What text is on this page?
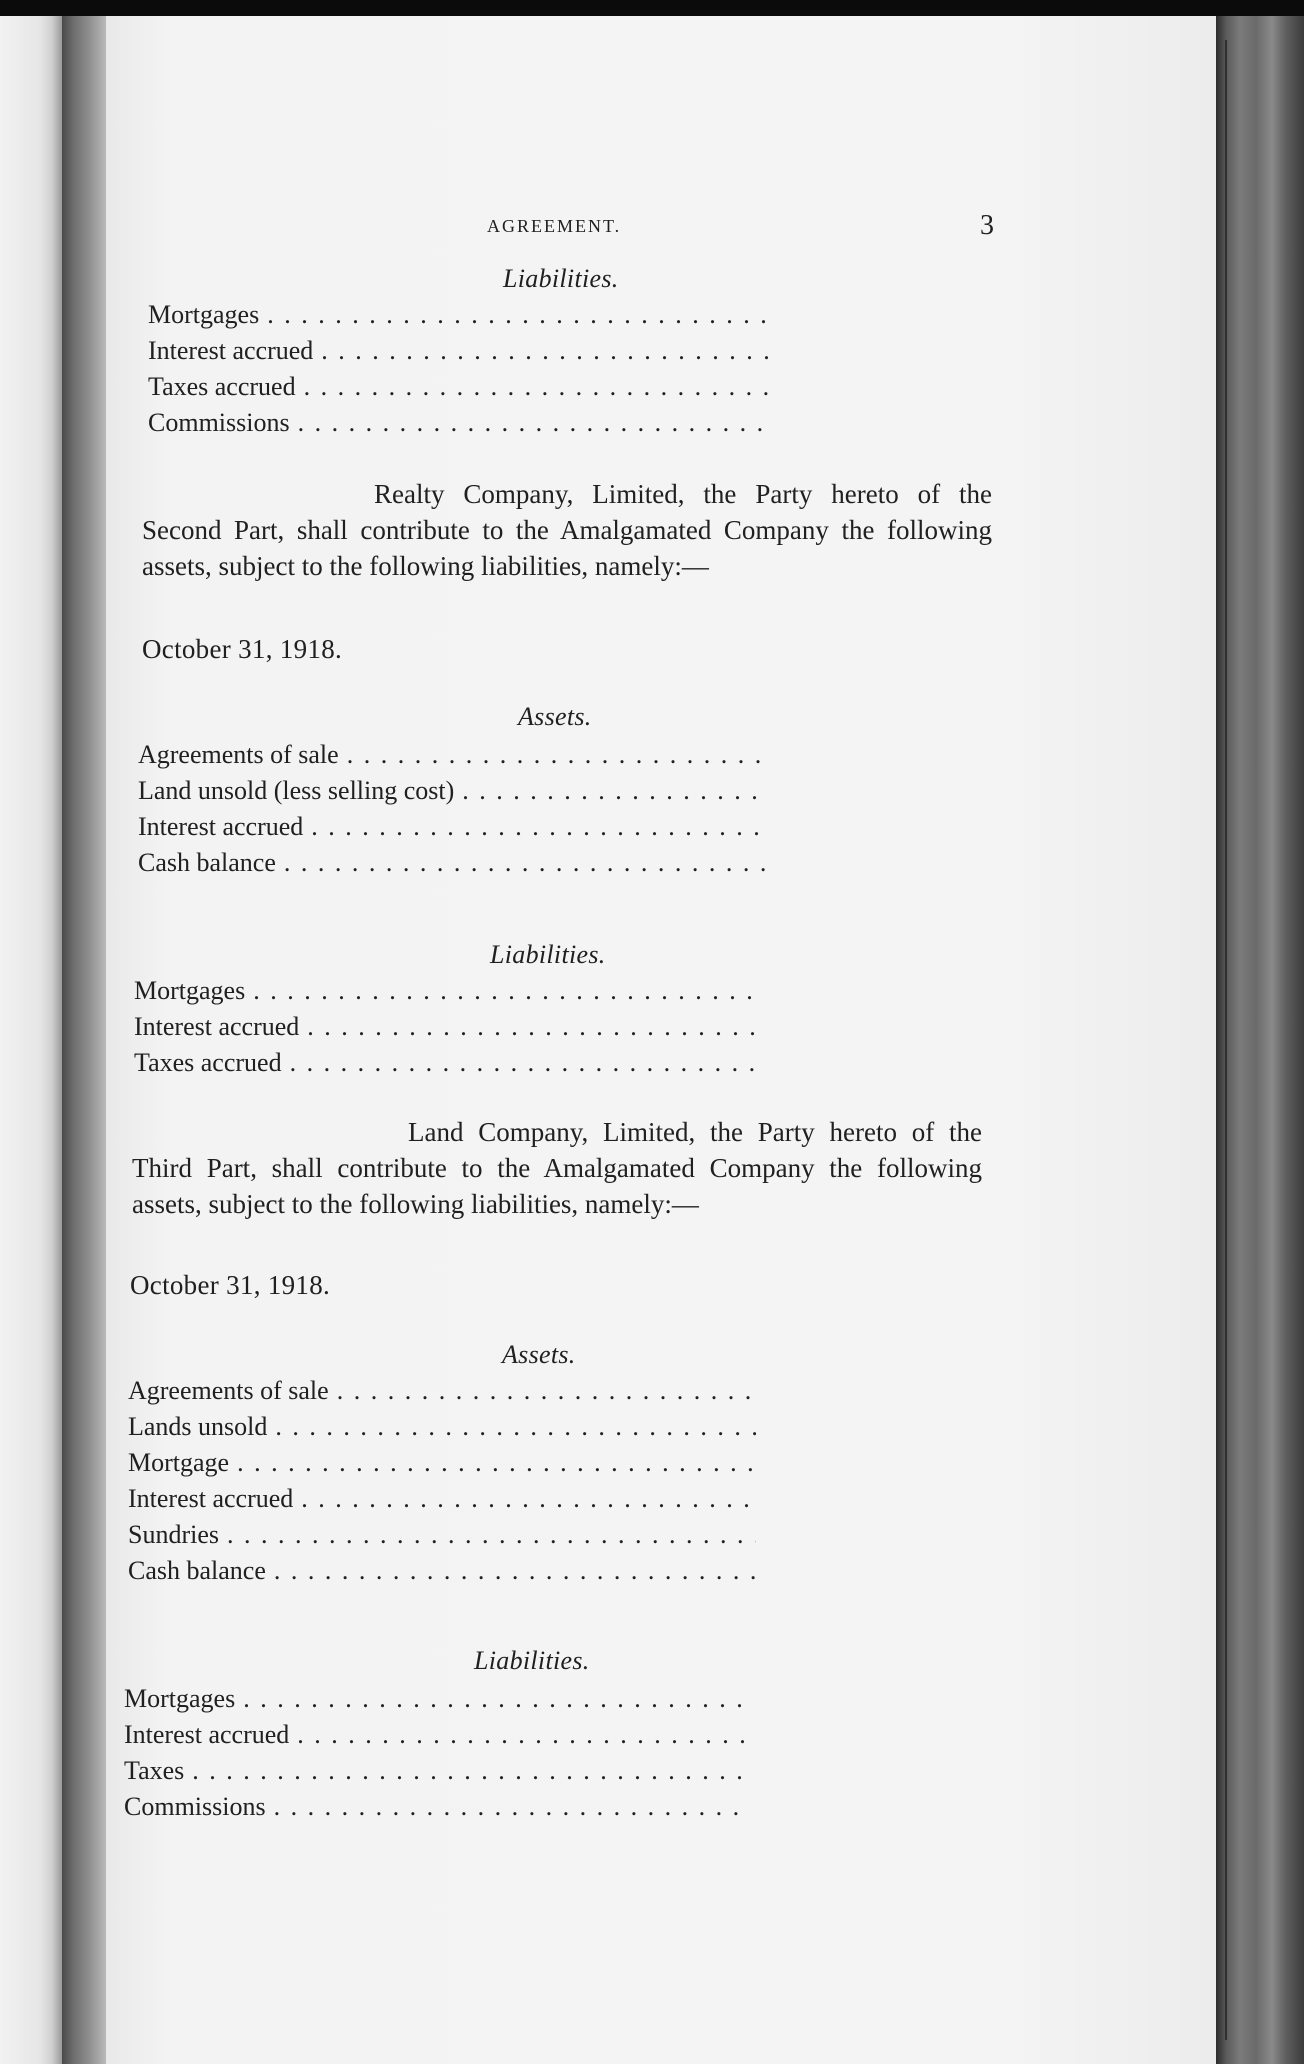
AGREEMENT.	3
Liabilities.
Mortgages
. . .
Interest accrued
. . .
Taxes accrued
. . .
Commissions
. . .
Realty Company, Limited, the Party hereto of the Second Part, shall contribute to the Amalgamated Company the following assets, subject to the following liabilities, namely:—
October 31, 1918.
Assets.
Agreements of sale
. . .
Land unsold (less selling cost)
. . .
Interest accrued
. . .
Cash balance
. . .
Liabilities.
Mortgages
. . .
Interest accrued
. . .
Taxes accrued
. . .
Land Company, Limited, the Party hereto of the Third Part, shall contribute to the Amalgamated Company the following assets, subject to the following liabilities, namely:—
October 31, 1918.
Assets.
Agreements of sale
. . .
Lands unsold
. . .
Mortgage
. . .
Interest accrued
. . .
Sundries
. . .
Cash balance
. . .
Liabilities.
Mortgages
. . .
Interest accrued
. . .
Taxes
. . .
Commissions
. . .
